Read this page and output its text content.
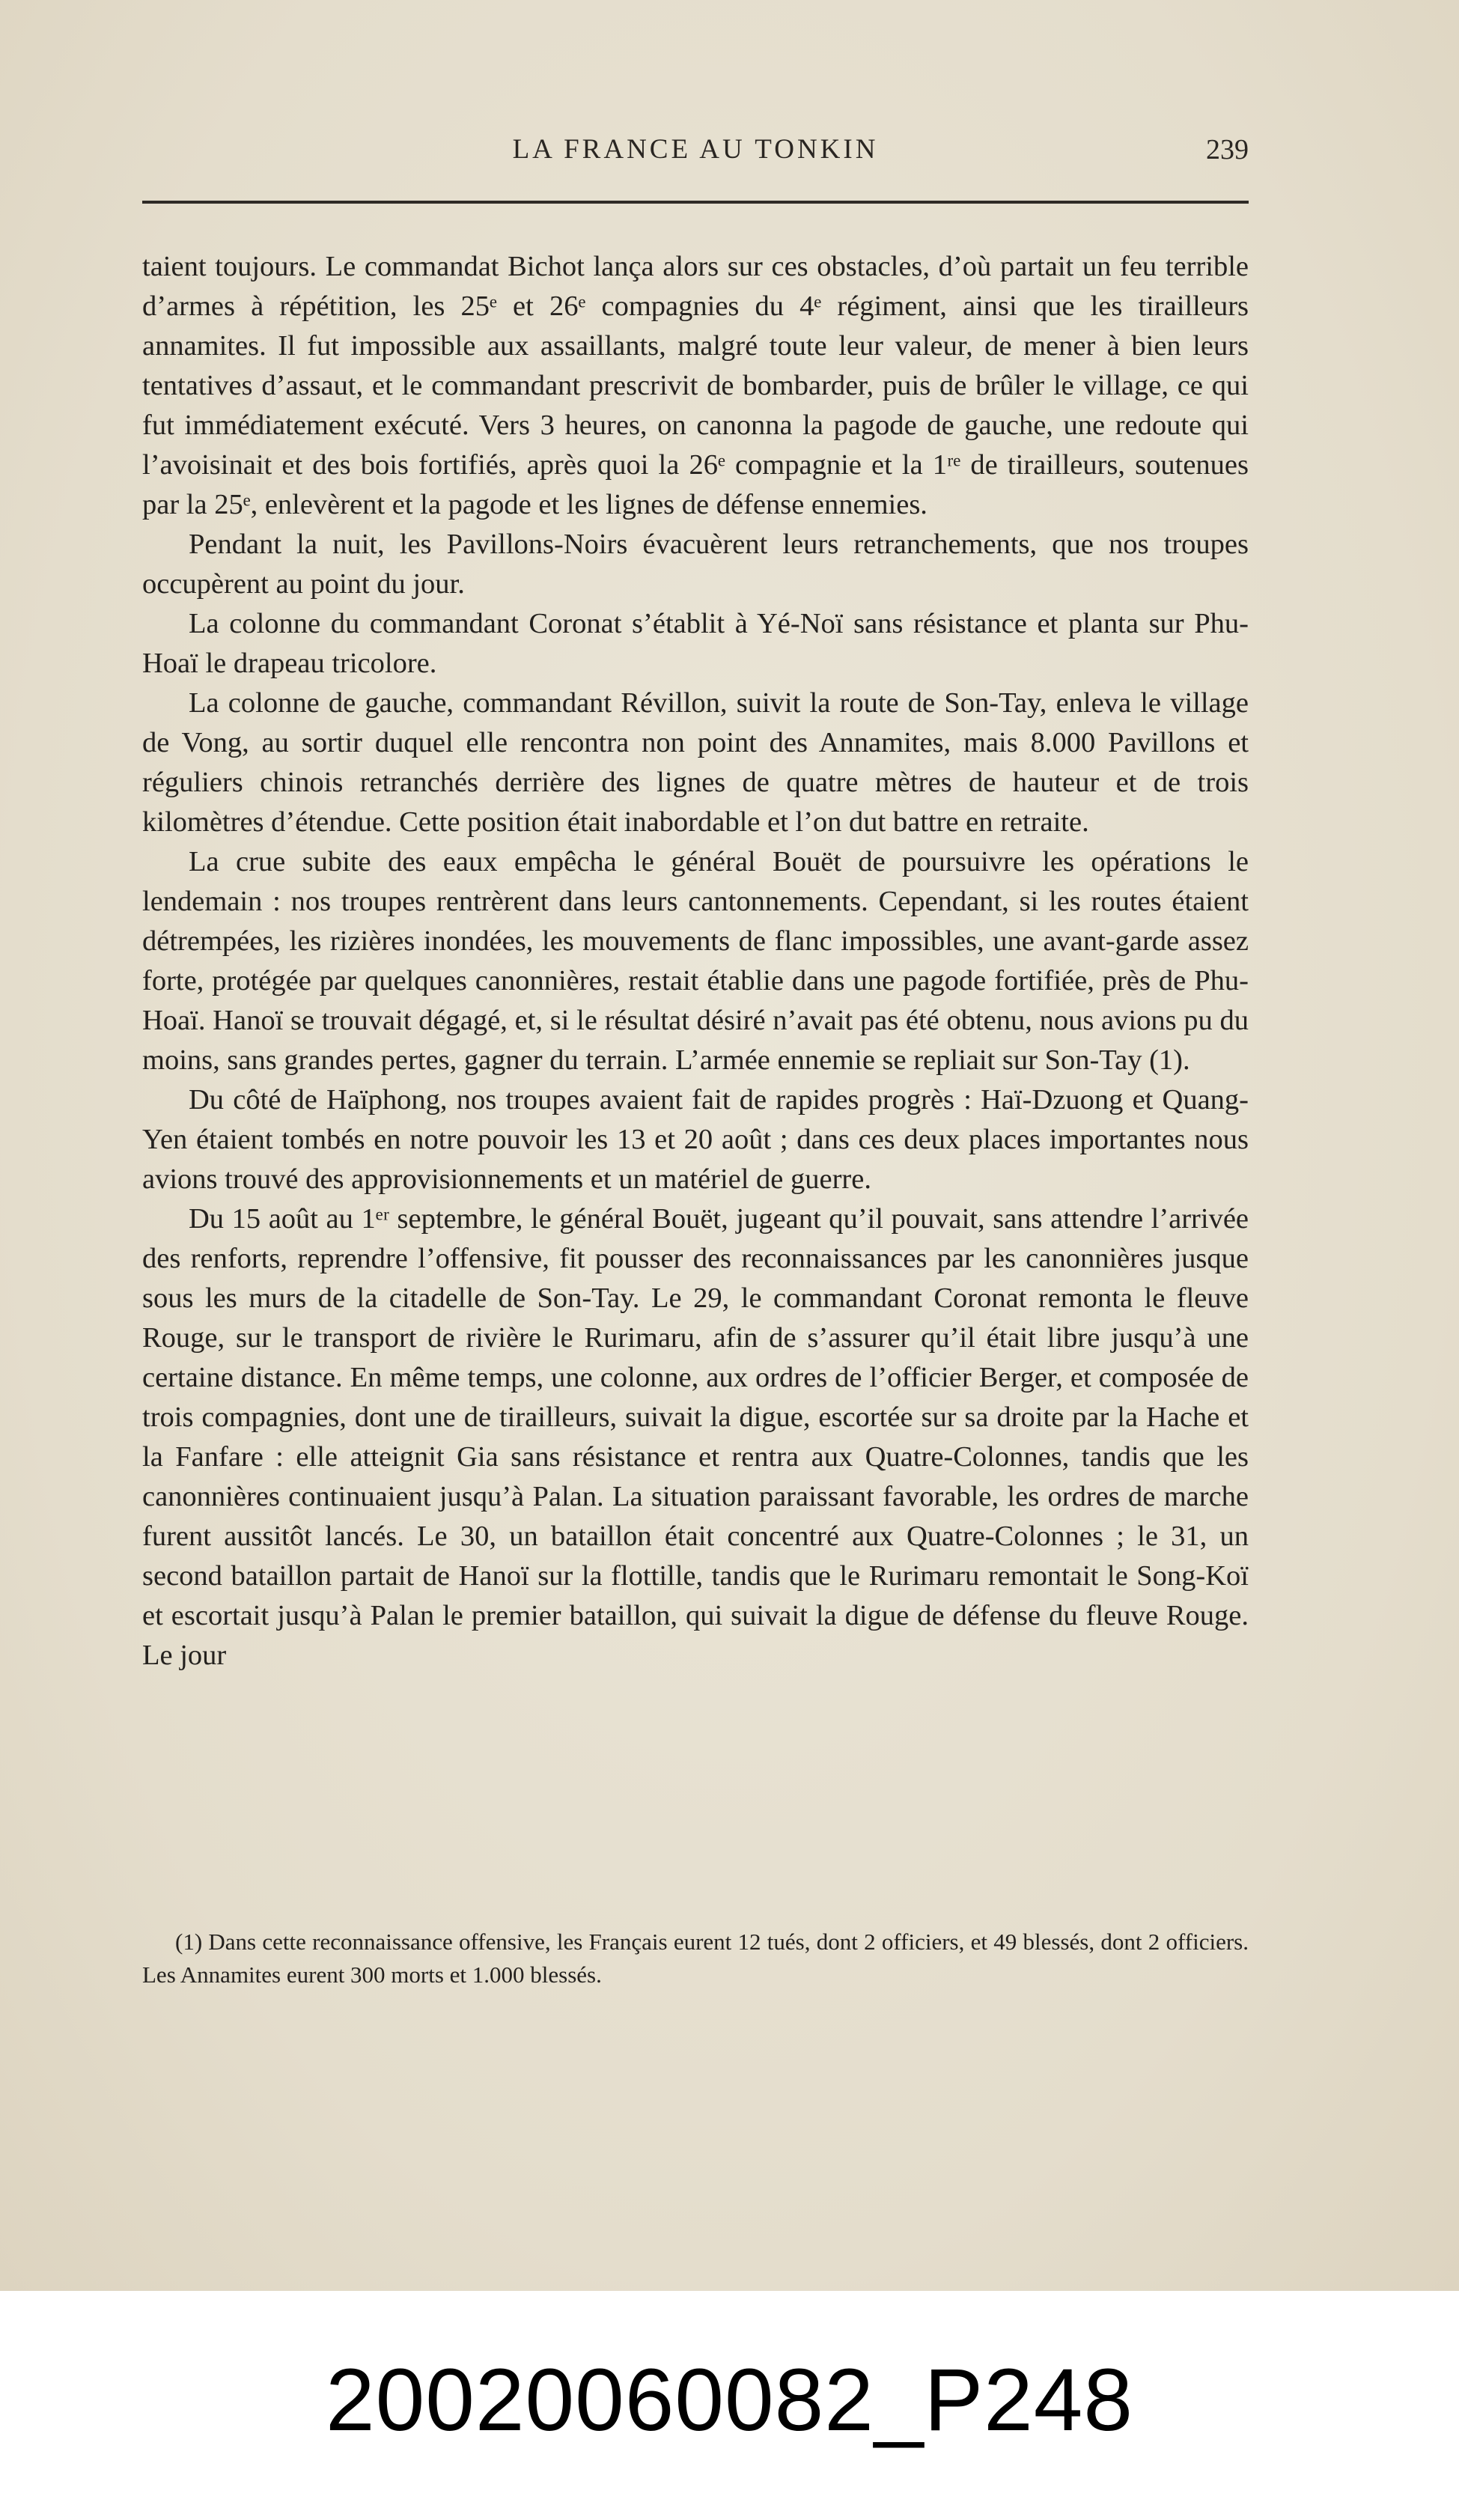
LA FRANCE AU TONKIN	239

taient toujours. Le commandat Bichot lança alors sur ces obstacles, d’où partait un feu terrible d’armes à répétition, les 25ᵉ et 26ᵉ compagnies du 4ᵉ régiment, ainsi que les tirailleurs annamites. Il fut impossible aux assaillants, malgré toute leur valeur, de mener à bien leurs tentatives d’assaut, et le commandant prescrivit de bombarder, puis de brûler le village, ce qui fut immédiatement exécuté. Vers 3 heures, on canonna la pagode de gauche, une redoute qui l’avoisinait et des bois fortifiés, après quoi la 26ᵉ compagnie et la 1ʳᵉ de tirailleurs, soutenues par la 25ᵉ, enlevèrent et la pagode et les lignes de défense ennemies.

Pendant la nuit, les Pavillons-Noirs évacuèrent leurs retranchements, que nos troupes occupèrent au point du jour.

La colonne du commandant Coronat s’établit à Yé-Noï sans résistance et planta sur Phu-Hoaï le drapeau tricolore.

La colonne de gauche, commandant Révillon, suivit la route de Son-Tay, enleva le village de Vong, au sortir duquel elle rencontra non point des Annamites, mais 8.000 Pavillons et réguliers chinois retranchés derrière des lignes de quatre mètres de hauteur et de trois kilomètres d’étendue. Cette position était inabordable et l’on dut battre en retraite.

La crue subite des eaux empêcha le général Bouët de poursuivre les opérations le lendemain : nos troupes rentrèrent dans leurs cantonnements. Cependant, si les routes étaient détrempées, les rizières inondées, les mouvements de flanc impossibles, une avant-garde assez forte, protégée par quelques canonnières, restait établie dans une pagode fortifiée, près de Phu-Hoaï. Hanoï se trouvait dégagé, et, si le résultat désiré n’avait pas été obtenu, nous avions pu du moins, sans grandes pertes, gagner du terrain. L’armée ennemie se repliait sur Son-Tay (1).

Du côté de Haïphong, nos troupes avaient fait de rapides progrès : Haï-Dzuong et Quang-Yen étaient tombés en notre pouvoir les 13 et 20 août ; dans ces deux places importantes nous avions trouvé des approvisionnements et un matériel de guerre.

Du 15 août au 1ᵉʳ septembre, le général Bouët, jugeant qu’il pouvait, sans attendre l’arrivée des renforts, reprendre l’offensive, fit pousser des reconnaissances par les canonnières jusque sous les murs de la citadelle de Son-Tay. Le 29, le commandant Coronat remonta le fleuve Rouge, sur le transport de rivière le Rurimaru, afin de s’assurer qu’il était libre jusqu’à une certaine distance. En même temps, une colonne, aux ordres de l’officier Berger, et composée de trois compagnies, dont une de tirailleurs, suivait la digue, escortée sur sa droite par la Hache et la Fanfare : elle atteignit Gia sans résistance et rentra aux Quatre-Colonnes, tandis que les canonnières continuaient jusqu’à Palan. La situation paraissant favorable, les ordres de marche furent aussitôt lancés. Le 30, un bataillon était concentré aux Quatre-Colonnes ; le 31, un second bataillon partait de Hanoï sur la flottille, tandis que le Rurimaru remontait le Song-Koï et escortait jusqu’à Palan le premier bataillon, qui suivait la digue de défense du fleuve Rouge. Le jour

(1) Dans cette reconnaissance offensive, les Français eurent 12 tués, dont 2 officiers, et 49 blessés, dont 2 officiers. Les Annamites eurent 300 morts et 1.000 blessés.

20020060082_P248
